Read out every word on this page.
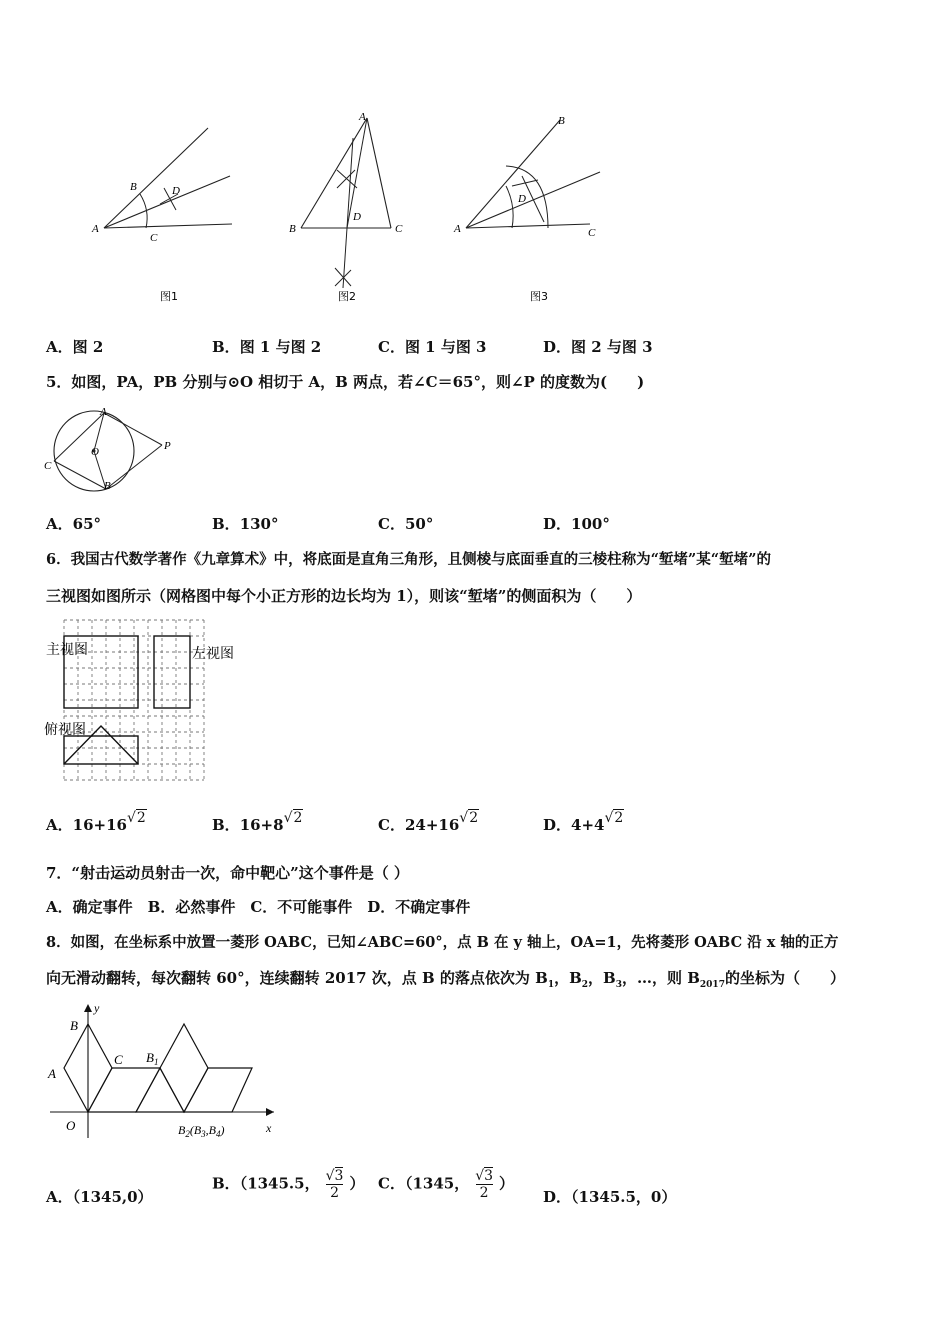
A
B
C
D
图1
A
B	C
D
图2
A
B
C
D
图3
A．图 2	B．图 1 与图 2	C．图 1 与图 3	D．图 2 与图 3
5．如图，PA，PB 分别与⊙O 相切于 A，B 两点，若∠C＝65°，则∠P 的度数为(　　)
A
O	P
C
B
A．65°	B．130°	C．50°	D．100°
6．我国古代数学著作《九章算术》中，将底面是直角三角形，且侧棱与底面垂直的三棱柱称为“堑堵”某“堑堵”的
三视图如图所示（网格图中每个小正方形的边长均为 1），则该“堑堵”的侧面积为（　　）
主视图	左视图
俯视图
A．16+16√2	B．16+8√2	C．24+16√2	D．4+4√2
7．“射击运动员射击一次，命中靶心”这个事件是（ ）
A．确定事件　B．必然事件　C．不可能事件　D．不确定事件
8．如图，在坐标系中放置一菱形 OABC，已知∠ABC=60°，点 B 在 y 轴上，OA=1，先将菱形 OABC 沿 x 轴的正方
向无滑动翻转，每次翻转 60°，连续翻转 2017 次，点 B 的落点依次为 $B_1$，$B_2$，$B_3$，…，则 $B_{2017}$的坐标为（　　）
y
x
B
A
C
O
$B_1$
$B_2(B_3,B_4)$
A．（1345,0）
B．（1345.5， $\frac{√3}{2}$ ） C．（1345， $\frac{√3}{2}$ ）
D．（1345.5，0）
